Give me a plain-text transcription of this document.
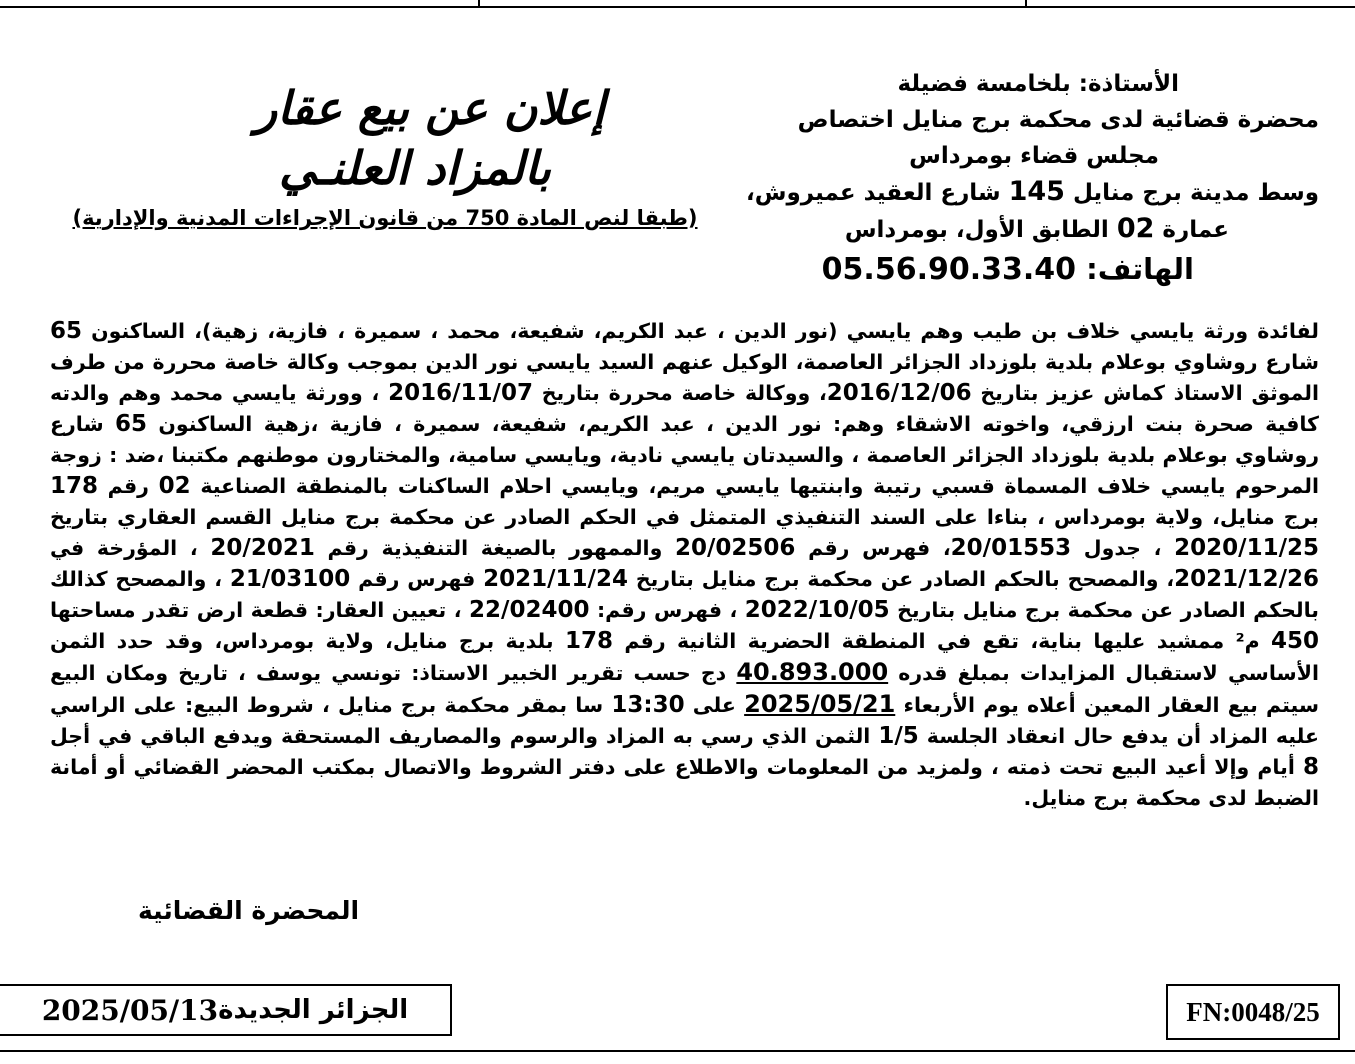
الأستاذة: بلخامسة فضيلة
محضرة قضائية لدى محكمة برج منايل اختصاص
مجلس قضاء بومرداس
وسط مدينة برج منايل 145 شارع العقيد عميروش،
عمارة 02 الطابق الأول، بومرداس
الهاتف: 05.56.90.33.40
إعلان عن بيع عقار
بالمزاد العلنـي
(طبقا لنص المادة 750 من قانون الإجراءات المدنية والإدارية)
لفائدة ورثة يايسي خلاف بن طيب وهم يايسي (نور الدين ، عبد الكريم، شفيعة، محمد ، سميرة ، فازية، زهية)، الساكنون 65 شارع روشاوي بوعلام بلدية بلوزداد الجزائر العاصمة، الوكيل عنهم السيد يايسي نور الدين بموجب وكالة خاصة محررة من طرف الموثق الاستاذ كماش عزيز بتاريخ 2016/12/06، ووكالة خاصة محررة بتاريخ 2016/11/07 ، وورثة يايسي محمد وهم والدته كافية صحرة بنت ارزقي، واخوته الاشقاء وهم: نور الدين ، عبد الكريم، شفيعة، سميرة ، فازية ،زهية الساكنون 65 شارع روشاوي بوعلام بلدية بلوزداد الجزائر العاصمة ، والسيدتان يايسي نادية، ويايسي سامية، والمختارون موطنهم مكتبنا ،ضد : زوجة المرحوم يايسي خلاف المسماة قسبي رتيبة وابنتيها يايسي مريم، ويايسي احلام الساكنات بالمنطقة الصناعية 02 رقم 178 برج منايل، ولاية بومرداس ، بناءا على السند التنفيذي المتمثل في الحكم الصادر عن محكمة برج منايل القسم العقاري بتاريخ 2020/11/25 ، جدول 20/01553، فهرس رقم 20/02506 والممهور بالصيغة التنفيذية رقم 20/2021 ، المؤرخة في 2021/12/26، والمصحح بالحكم الصادر عن محكمة برج منايل بتاريخ 2021/11/24 فهرس رقم 21/03100 ، والمصحح كذالك بالحكم الصادر عن محكمة برج منايل بتاريخ 2022/10/05 ، فهرس رقم: 22/02400 ، تعيين العقار: قطعة ارض تقدر مساحتها 450 م² ممشيد عليها بناية، تقع في المنطقة الحضرية الثانية رقم 178 بلدية برج منايل، ولاية بومرداس، وقد حدد الثمن الأساسي لاستقبال المزايدات بمبلغ قدره 40.893.000 دج حسب تقرير الخبير الاستاذ: تونسي يوسف ، تاريخ ومكان البيع سيتم بيع العقار المعين أعلاه يوم الأربعاء 2025/05/21 على 13:30 سا بمقر محكمة برج منايل ، شروط البيع: على الراسي عليه المزاد أن يدفع حال انعقاد الجلسة 1/5 الثمن الذي رسي به المزاد والرسوم والمصاريف المستحقة ويدفع الباقي في أجل 8 أيام وإلا أعيد البيع تحت ذمته ، ولمزيد من المعلومات والاطلاع على دفتر الشروط والاتصال بمكتب المحضر القضائي أو أمانة الضبط لدى محكمة برج منايل.
المحضرة القضائية
2025/05/13 الجزائر الجديدة	FN:0048/25
